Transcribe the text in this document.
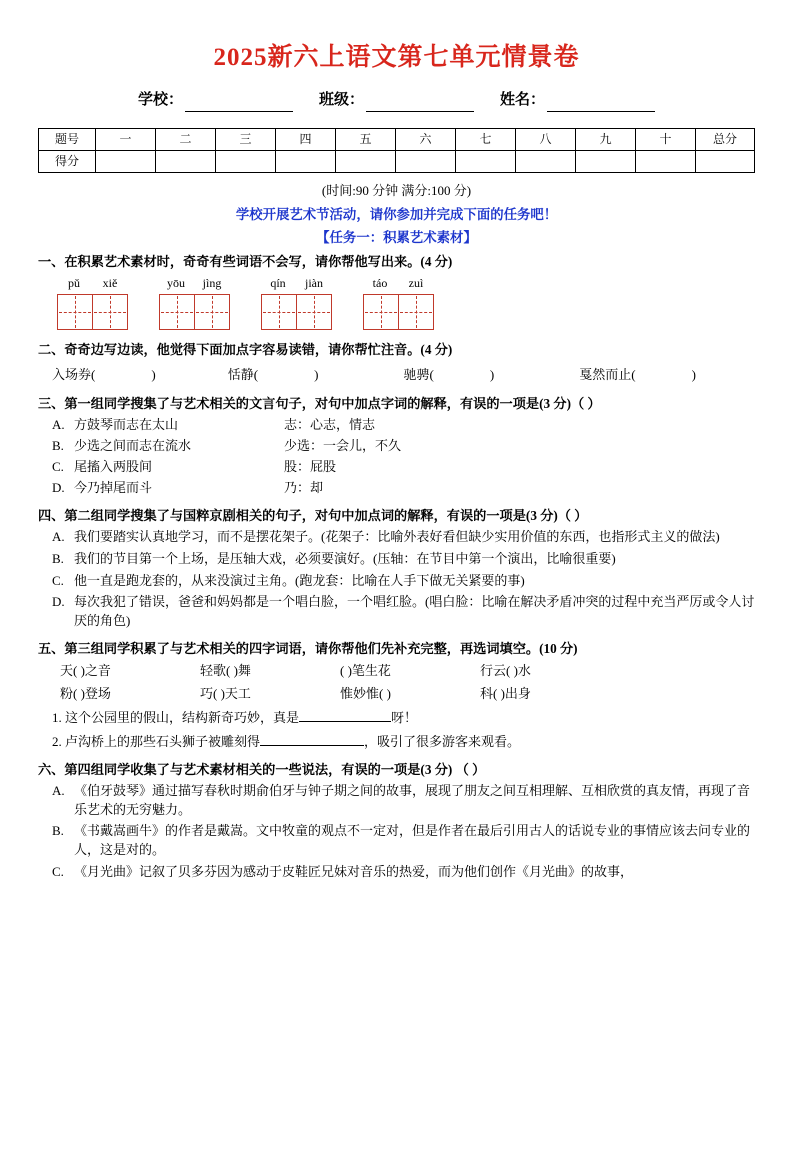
2025新六上语文第七单元情景卷
学校：	班级：	姓名：
题号	一	二	三	四	五	六	七	八	九	十	总分
得分											
(时间:90 分钟 满分:100 分)
学校开展艺术节活动，请你参加并完成下面的任务吧！
【任务一：积累艺术素材】
一、在积累艺术素材时，奇奇有些词语不会写，请你帮他写出来。(4 分)
pǔ	xiě	yōu	jìng	qín	jiàn	táo	zuì
二、奇奇边写边读，他觉得下面加点字容易读错，请你帮忙注音。(4 分)
入场券(	)	恬静(	)	驰骋(	)	戛然而止(	)
三、第一组同学搜集了与艺术相关的文言句子，对句中加点字词的解释，有误的一项是(3 分)（ ）
A. 方鼓琴而志在太山	志：心志，情志
B. 少选之间而志在流水	少选：一会儿，不久
C. 尾搐入两股间	股：屁股
D. 今乃掉尾而斗	乃：却
四、第二组同学搜集了与国粹京剧相关的句子，对句中加点词的解释，有误的一项是(3 分)（ ）
A. 我们要踏实认真地学习，而不是摆花架子。(花架子：比喻外表好看但缺少实用价值的东西，也指形式主义的做法)
B. 我们的节目第一个上场，是压轴大戏，必须要演好。(压轴：在节目中第一个演出，比喻很重要)
C. 他一直是跑龙套的，从来没演过主角。(跑龙套：比喻在人手下做无关紧要的事)
D. 每次我犯了错误，爸爸和妈妈都是一个唱白脸，一个唱红脸。(唱白脸：比喻在解决矛盾冲突的过程中充当严厉或令人讨厌的角色)
五、第三组同学积累了与艺术相关的四字词语，请你帮他们先补充完整，再选词填空。(10 分)
天( )之音	轻歌( )舞	( )笔生花	行云( )水
粉( )登场	巧( )天工	惟妙惟( )	科( )出身
1. 这个公园里的假山，结构新奇巧妙，真是	呀！
2. 卢沟桥上的那些石头狮子被雕刻得	，吸引了很多游客来观看。
六、第四组同学收集了与艺术素材相关的一些说法，有误的一项是(3 分) （ ）
A. 《伯牙鼓琴》通过描写春秋时期俞伯牙与钟子期之间的故事，展现了朋友之间互相理解、互相欣赏的真友情，再现了音乐艺术的无穷魅力。
B. 《书戴嵩画牛》的作者是戴嵩。文中牧童的观点不一定对，但是作者在最后引用古人的话说专业的事情应该去问专业的人，这是对的。
C. 《月光曲》记叙了贝多芬因为感动于皮鞋匠兄妹对音乐的热爱，而为他们创作《月光曲》的故事，
